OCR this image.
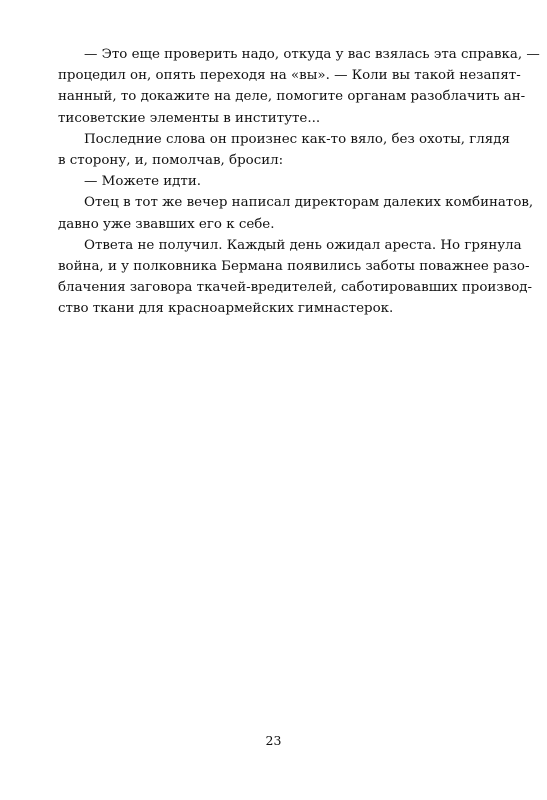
— Это еще проверить надо, откуда у вас взялась эта справка, —
процедил он, опять переходя на «вы». — Коли вы такой незапят-
нанный, то докажите на деле, помогите органам разоблачить ан-
тисоветские элементы в институте...
Последние слова он произнес как-то вяло, без охоты, глядя
в сторону, и, помолчав, бросил:
— Можете идти.
Отец в тот же вечер написал директорам далеких комбинатов,
давно уже звавших его к себе.
Ответа не получил. Каждый день ожидал ареста. Но грянула
война, и у полковника Бермана появились заботы поважнее разо-
блачения заговора ткачей-вредителей, саботировавших производ-
ство ткани для красноармейских гимнастерок.
23
